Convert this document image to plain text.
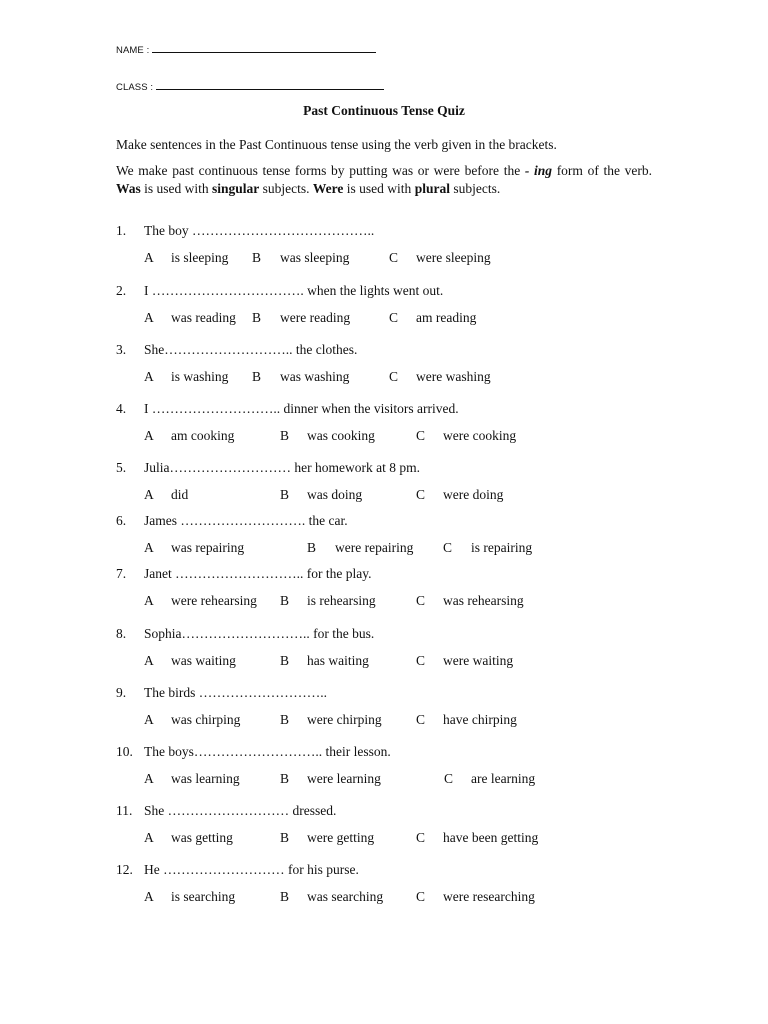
NAME :
CLASS :
Past Continuous Tense Quiz
Make sentences in the Past Continuous tense using the verb given in the brackets.
We make past continuous tense forms by putting was or were before the - ing form of the verb. Was is used with singular subjects. Were is used with plural subjects.
1. The boy …………………………………..
A is sleeping B was sleeping	C were sleeping
2. I ……………………………. when the lights went out.
A was reading B were reading	C am reading
3. She……………………….. the clothes.
A is washing B was washing	C were washing
4. I ……………………….. dinner when the visitors arrived.
A am cooking	B was cooking	C were cooking
5. Julia……………………… her homework at 8 pm.
A did	B was doing	C were doing
6. James ………………………. the car.
A was repairing	B were repairing C is repairing
7. Janet ……………………….. for the play.
A were rehearsing B is rehearsing	C was rehearsing
8. Sophia……………………….. for the bus.
A was waiting	B has waiting	C were waiting
9. The birds ………………………..
A was chirping	B were chirping	C have chirping
10. The boys……………………….. their lesson.
A was learning	B were learning	C are learning
11. She ……………………… dressed.
A was getting	B were getting	C have been getting
12. He ……………………… for his purse.
A is searching	B was searching C were researching
